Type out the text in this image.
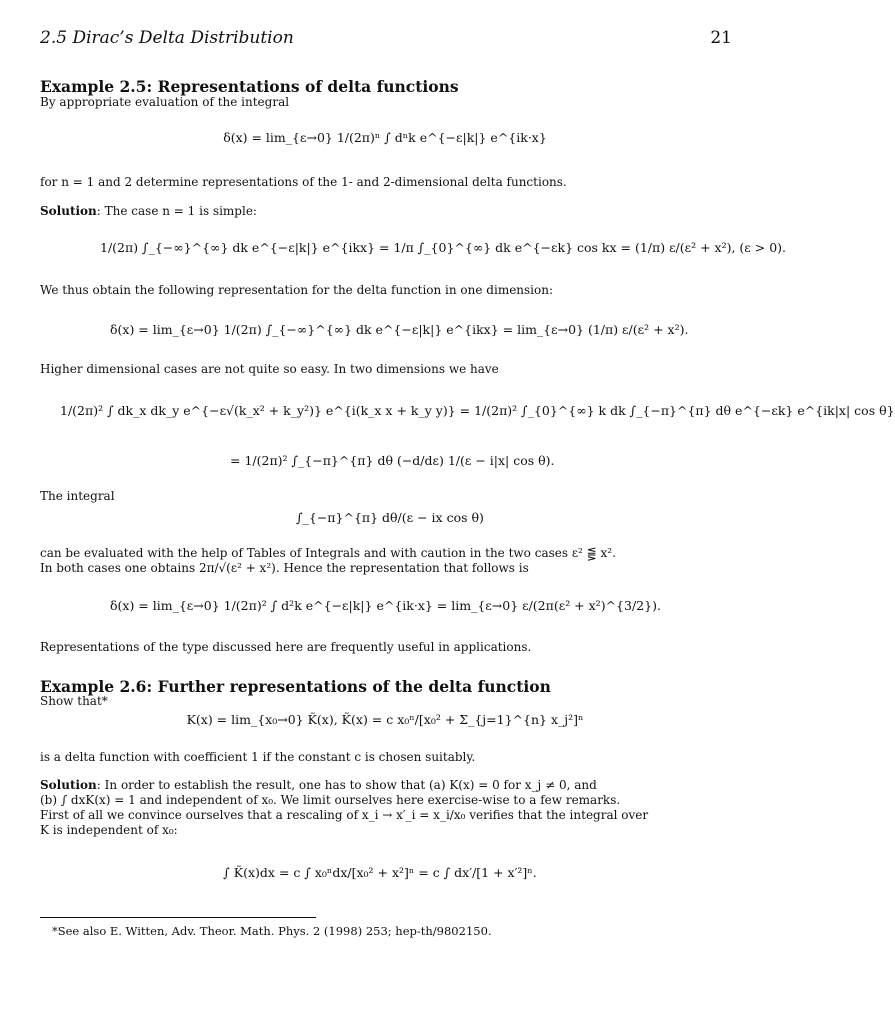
2.5 Dirac’s Delta Distribution	21
Example 2.5: Representations of delta functions
By appropriate evaluation of the integral
δ(x) = lim_{ε→0} 1/(2π)ⁿ ∫ dⁿk e^{−ε|k|} e^{ik·x}
for n = 1 and 2 determine representations of the 1- and 2-dimensional delta functions.
Solution: The case n = 1 is simple:
1/(2π) ∫_{−∞}^{∞} dk e^{−ε|k|} e^{ikx} = 1/π ∫_{0}^{∞} dk e^{−εk} cos kx = (1/π) ε/(ε² + x²), (ε > 0).
We thus obtain the following representation for the delta function in one dimension:
δ(x) = lim_{ε→0} 1/(2π) ∫_{−∞}^{∞} dk e^{−ε|k|} e^{ikx} = lim_{ε→0} (1/π) ε/(ε² + x²).
Higher dimensional cases are not quite so easy. In two dimensions we have
1/(2π)² ∫ dk_x dk_y e^{−ε√(k_x² + k_y²)} e^{i(k_x x + k_y y)} = 1/(2π)² ∫_{0}^{∞} k dk ∫_{−π}^{π} dθ e^{−εk} e^{ik|x| cos θ}
= 1/(2π)² ∫_{−π}^{π} dθ (−d/dε) 1/(ε − i|x| cos θ).
The integral
∫_{−π}^{π} dθ/(ε − ix cos θ)
can be evaluated with the help of Tables of Integrals and with caution in the two cases ε² ⪋ x².
In both cases one obtains 2π/√(ε² + x²). Hence the representation that follows is
δ(x) = lim_{ε→0} 1/(2π)² ∫ d²k e^{−ε|k|} e^{ik·x} = lim_{ε→0} ε/(2π(ε² + x²)^{3/2}).
Representations of the type discussed here are frequently useful in applications.
Example 2.6: Further representations of the delta function
Show that*
K(x) = lim_{x₀→0} K̃(x), K̃(x) = c x₀ⁿ/[x₀² + Σ_{j=1}^{n} x_j²]ⁿ
is a delta function with coefficient 1 if the constant c is chosen suitably.
Solution: In order to establish the result, one has to show that (a) K(x) = 0 for x_j ≠ 0, and
(b) ∫ dxK(x) = 1 and independent of x₀. We limit ourselves here exercise-wise to a few remarks.
First of all we convince ourselves that a rescaling of x_i → x′_i = x_i/x₀ verifies that the integral over
K is independent of x₀:
∫ K̃(x)dx = c ∫ x₀ⁿdx/[x₀² + x²]ⁿ = c ∫ dx′/[1 + x′²]ⁿ.
*See also E. Witten, Adv. Theor. Math. Phys. 2 (1998) 253; hep-th/9802150.
